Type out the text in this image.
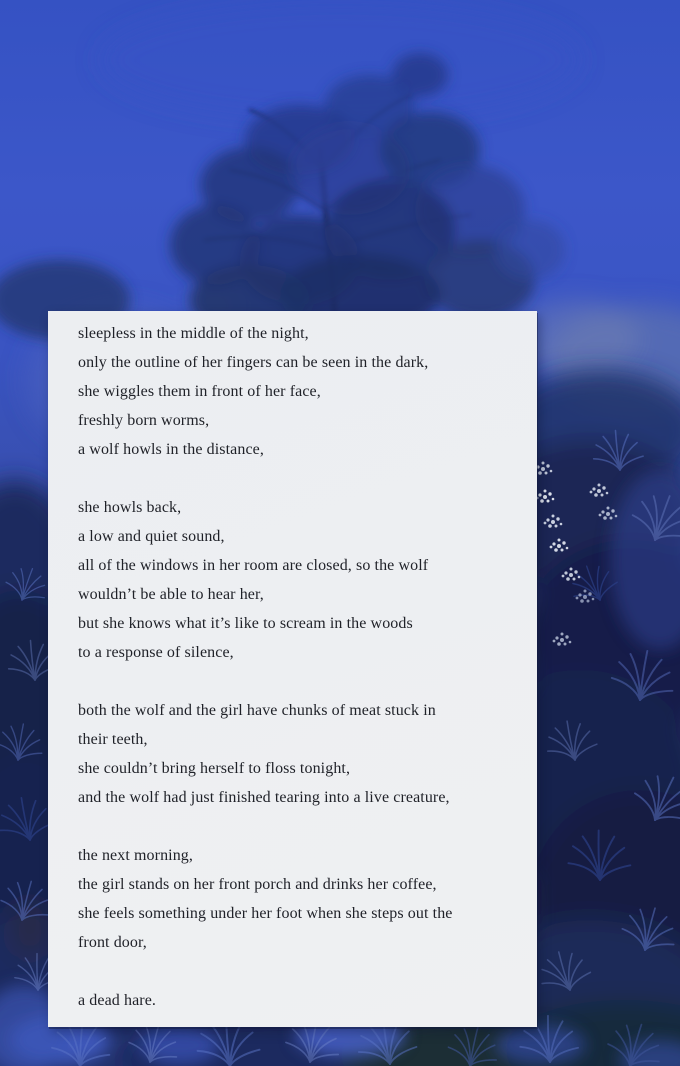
sleepless in the middle of the night,

only the outline of her fingers can be seen in the dark,

she wiggles them in front of her face,

freshly born worms,

a wolf howls in the distance,

she howls back,

a low and quiet sound,

all of the windows in her room are closed, so the wolf

wouldn’t be able to hear her,

but she knows what it’s like to scream in the woods

to a response of silence,

both the wolf and the girl have chunks of meat stuck in

their teeth,

she couldn’t bring herself to floss tonight,

and the wolf had just finished tearing into a live creature,

the next morning,

the girl stands on her front porch and drinks her coffee,

she feels something under her foot when she steps out the

front door,

a dead hare.
